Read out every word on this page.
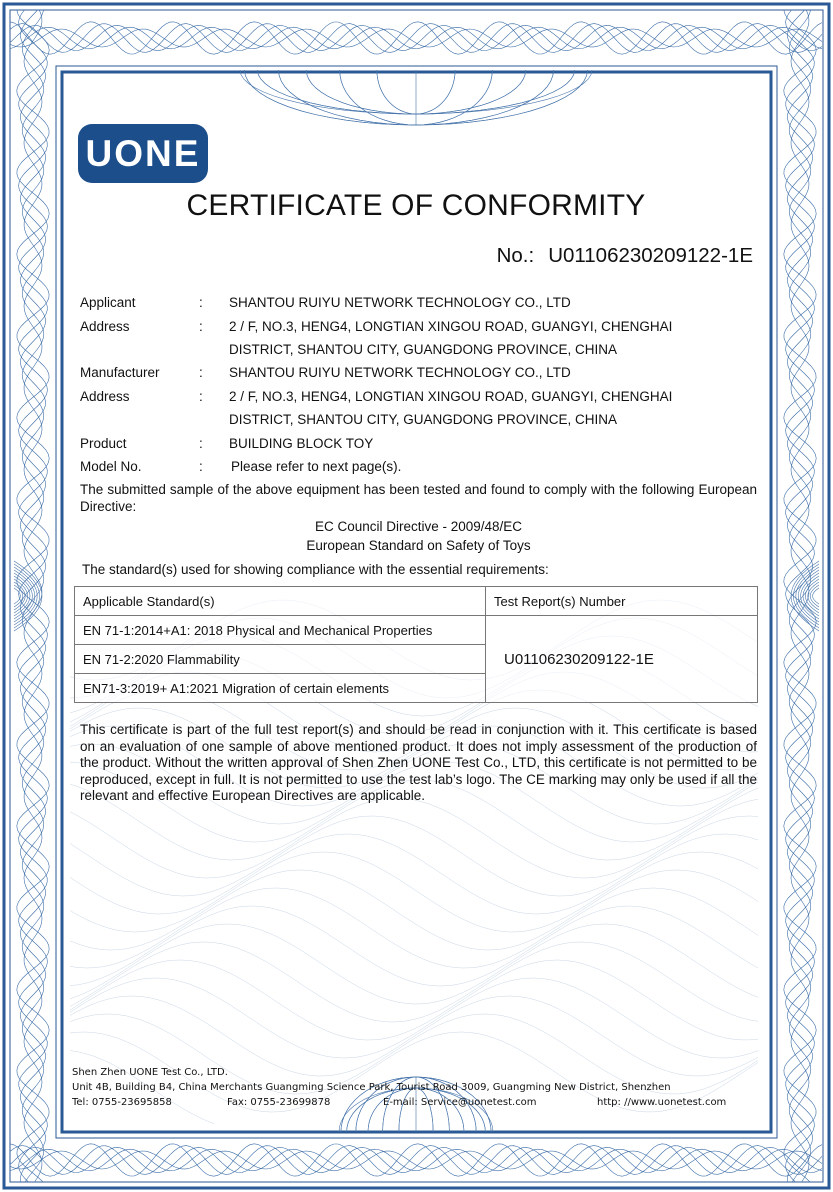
UONE
CERTIFICATE OF CONFORMITY
No.: U01106230209122-1E
Applicant	: SHANTOU RUIYU NETWORK TECHNOLOGY CO., LTD
Address	: 2 / F, NO.3, HENG4, LONGTIAN XINGOU ROAD, GUANGYI, CHENGHAI
DISTRICT, SHANTOU CITY, GUANGDONG PROVINCE, CHINA
Manufacturer	: SHANTOU RUIYU NETWORK TECHNOLOGY CO., LTD
Address	: 2 / F, NO.3, HENG4, LONGTIAN XINGOU ROAD, GUANGYI, CHENGHAI
DISTRICT, SHANTOU CITY, GUANGDONG PROVINCE, CHINA
Product	: BUILDING BLOCK TOY
Model No.	: Please refer to next page(s).
The submitted sample of the above equipment has been tested and found to comply with the following European Directive:
EC Council Directive - 2009/48/EC
European Standard on Safety of Toys
The standard(s) used for showing compliance with the essential requirements:
Applicable Standard(s)	Test Report(s) Number
EN 71-1:2014+A1: 2018 Physical and Mechanical Properties	U01106230209122-1E
EN 71-2:2020 Flammability	
EN71-3:2019+ A1:2021 Migration of certain elements	
This certificate is part of the full test report(s) and should be read in conjunction with it. This certificate is based on an evaluation of one sample of above mentioned product. It does not imply assessment of the production of the product. Without the written approval of Shen Zhen UONE Test Co., LTD, this certificate is not permitted to be reproduced, except in full. It is not permitted to use the test lab’s logo. The CE marking may only be used if all the relevant and effective European Directives are applicable.
Shen Zhen UONE Test Co., LTD.
Unit 4B, Building B4, China Merchants Guangming Science Park, Tourist Road 3009, Guangming New District, Shenzhen
Tel: 0755-23695858	Fax: 0755-23699878	E-mail: Service@uonetest.com	http: //www.uonetest.com
